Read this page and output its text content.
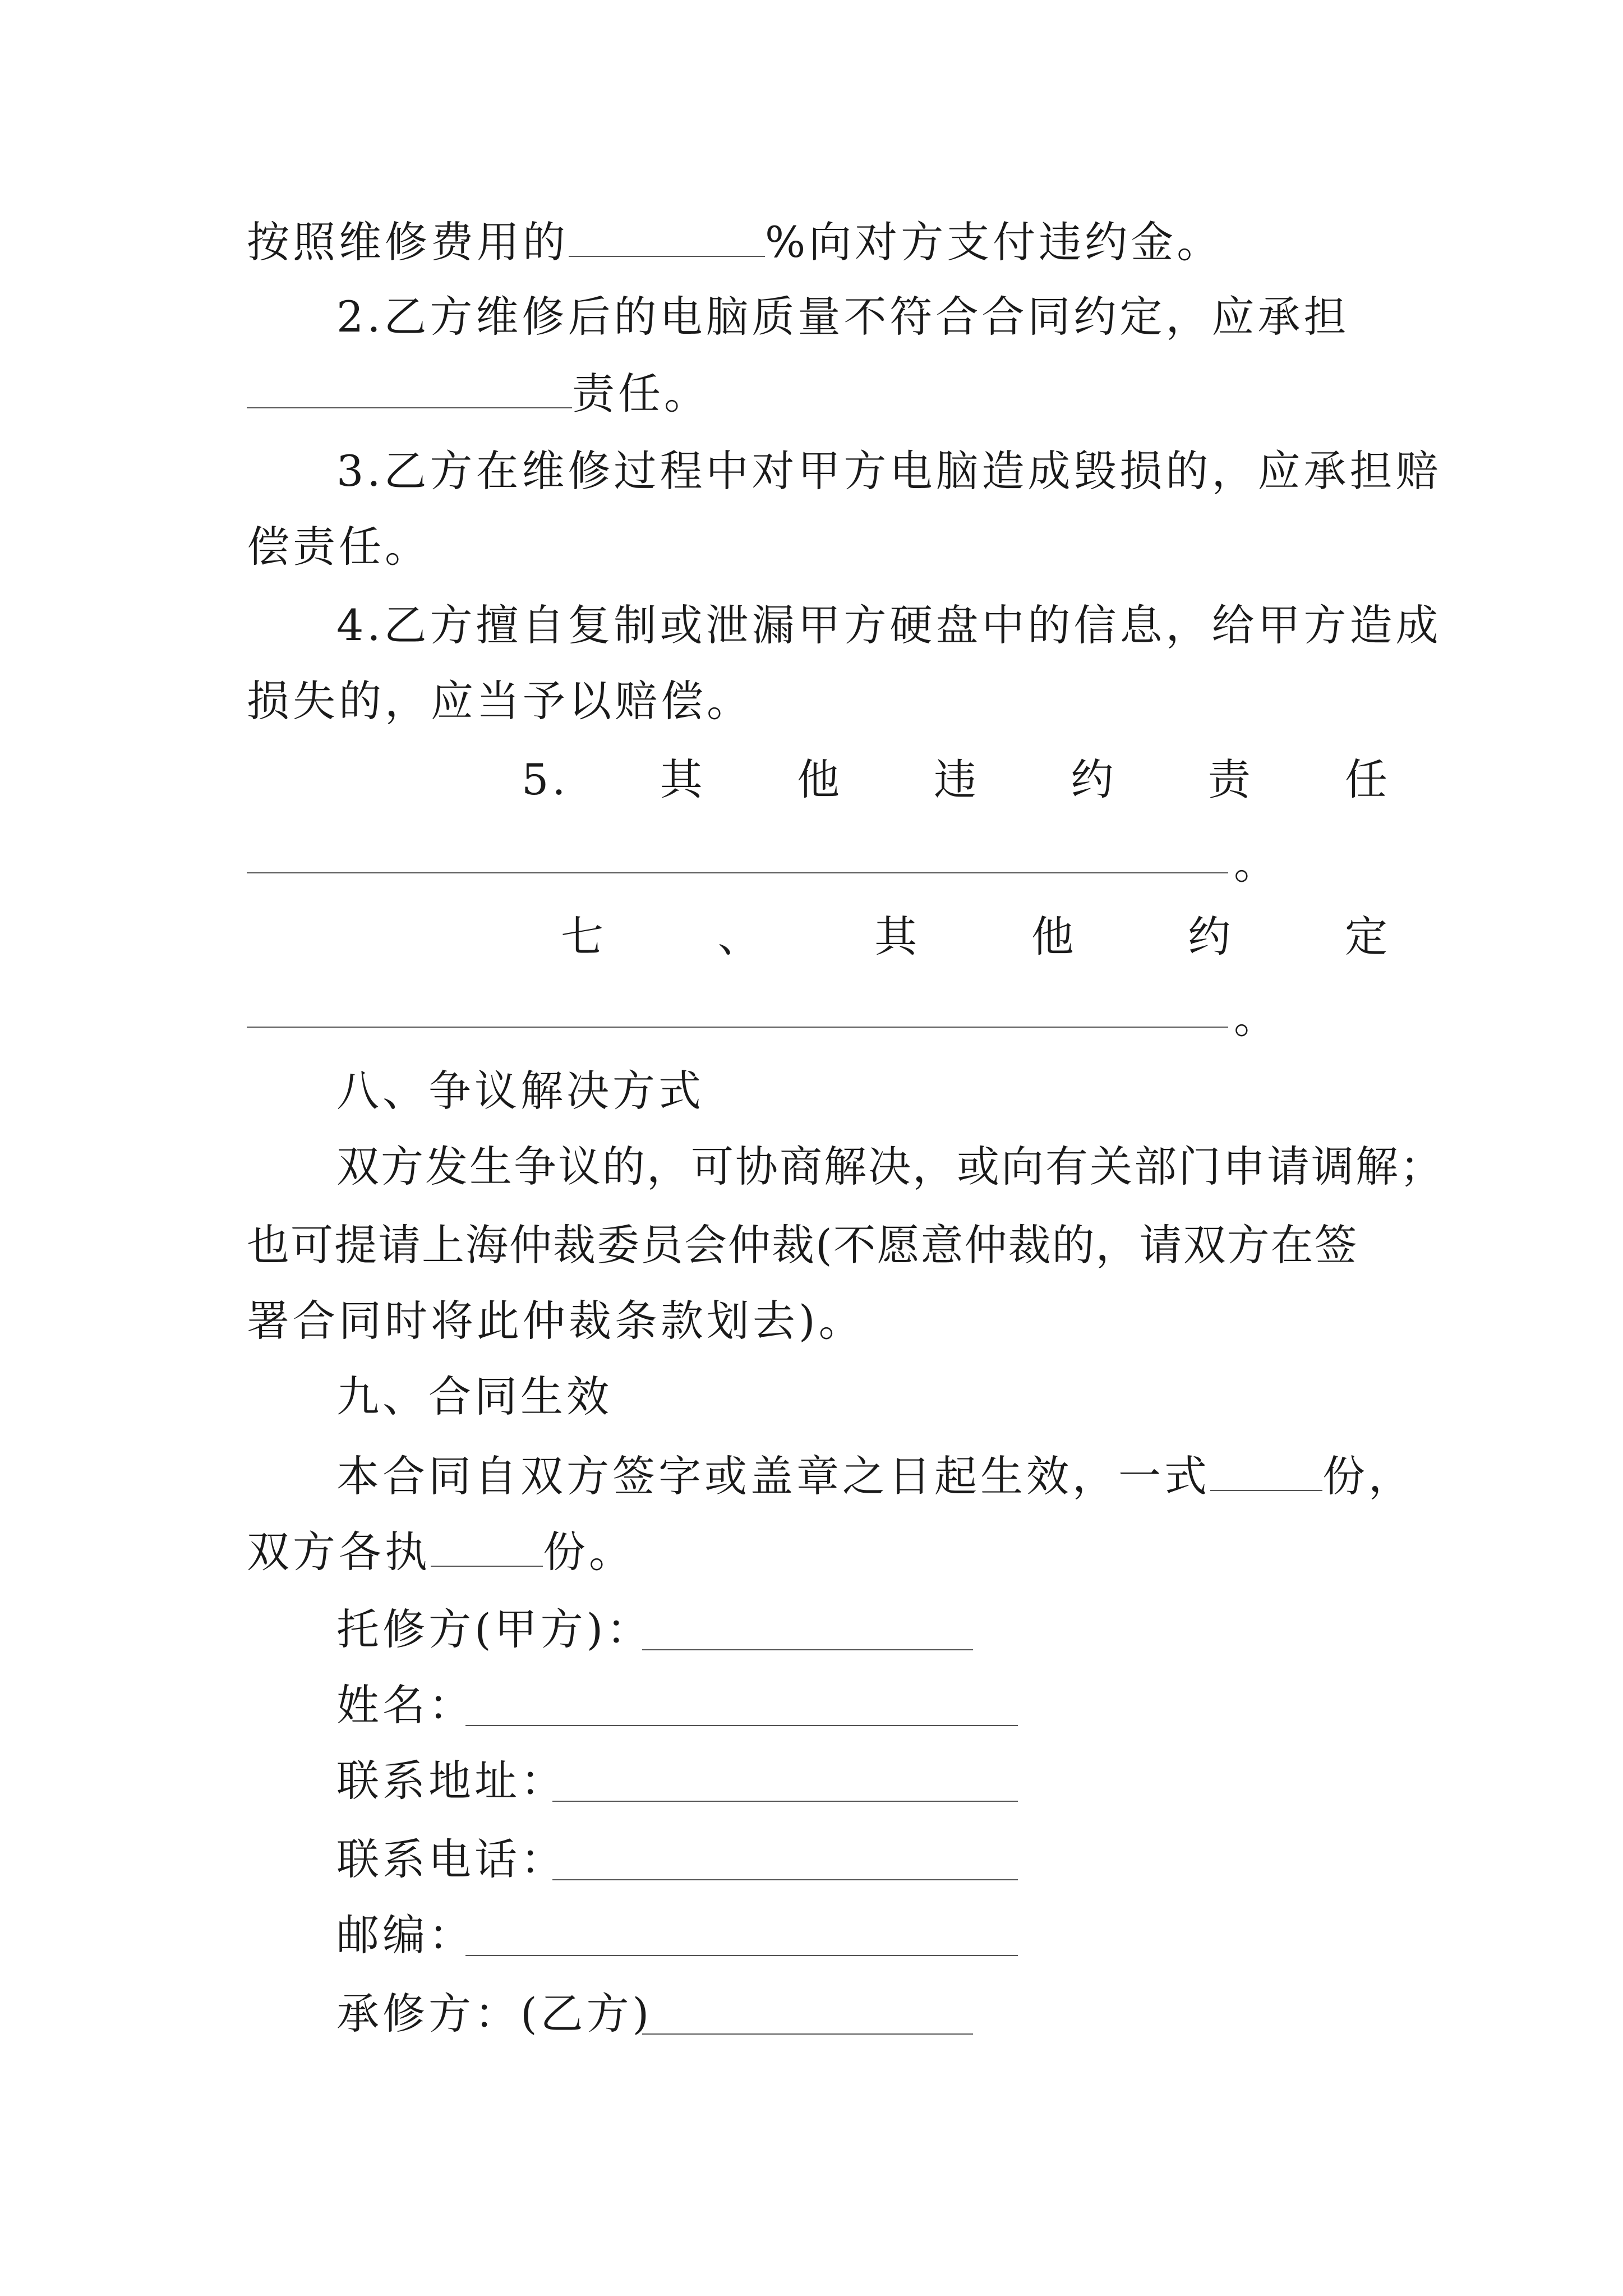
按照维修费用的	%向对方支付违约金。
2.乙方维修后的电脑质量不符合合同约定，应承担
责任。
3.乙方在维修过程中对甲方电脑造成毁损的，应承担赔
偿责任。
4.乙方擅自复制或泄漏甲方硬盘中的信息，给甲方造成
损失的，应当予以赔偿。
5. 其 他 违 约 责 任
。
七	、	其	他	约	定
。
八、争议解决方式
双方发生争议的，可协商解决，或向有关部门申请调解；
也可提请上海仲裁委员会仲裁(不愿意仲裁的，请双方在签
署合同时将此仲裁条款划去)。
九、合同生效
本合同自双方签字或盖章之日起生效，一式	份，
双方各执	份。
托修方(甲方)：
姓名：
联系地址：
联系电话：
邮编：
承修方：(乙方)
